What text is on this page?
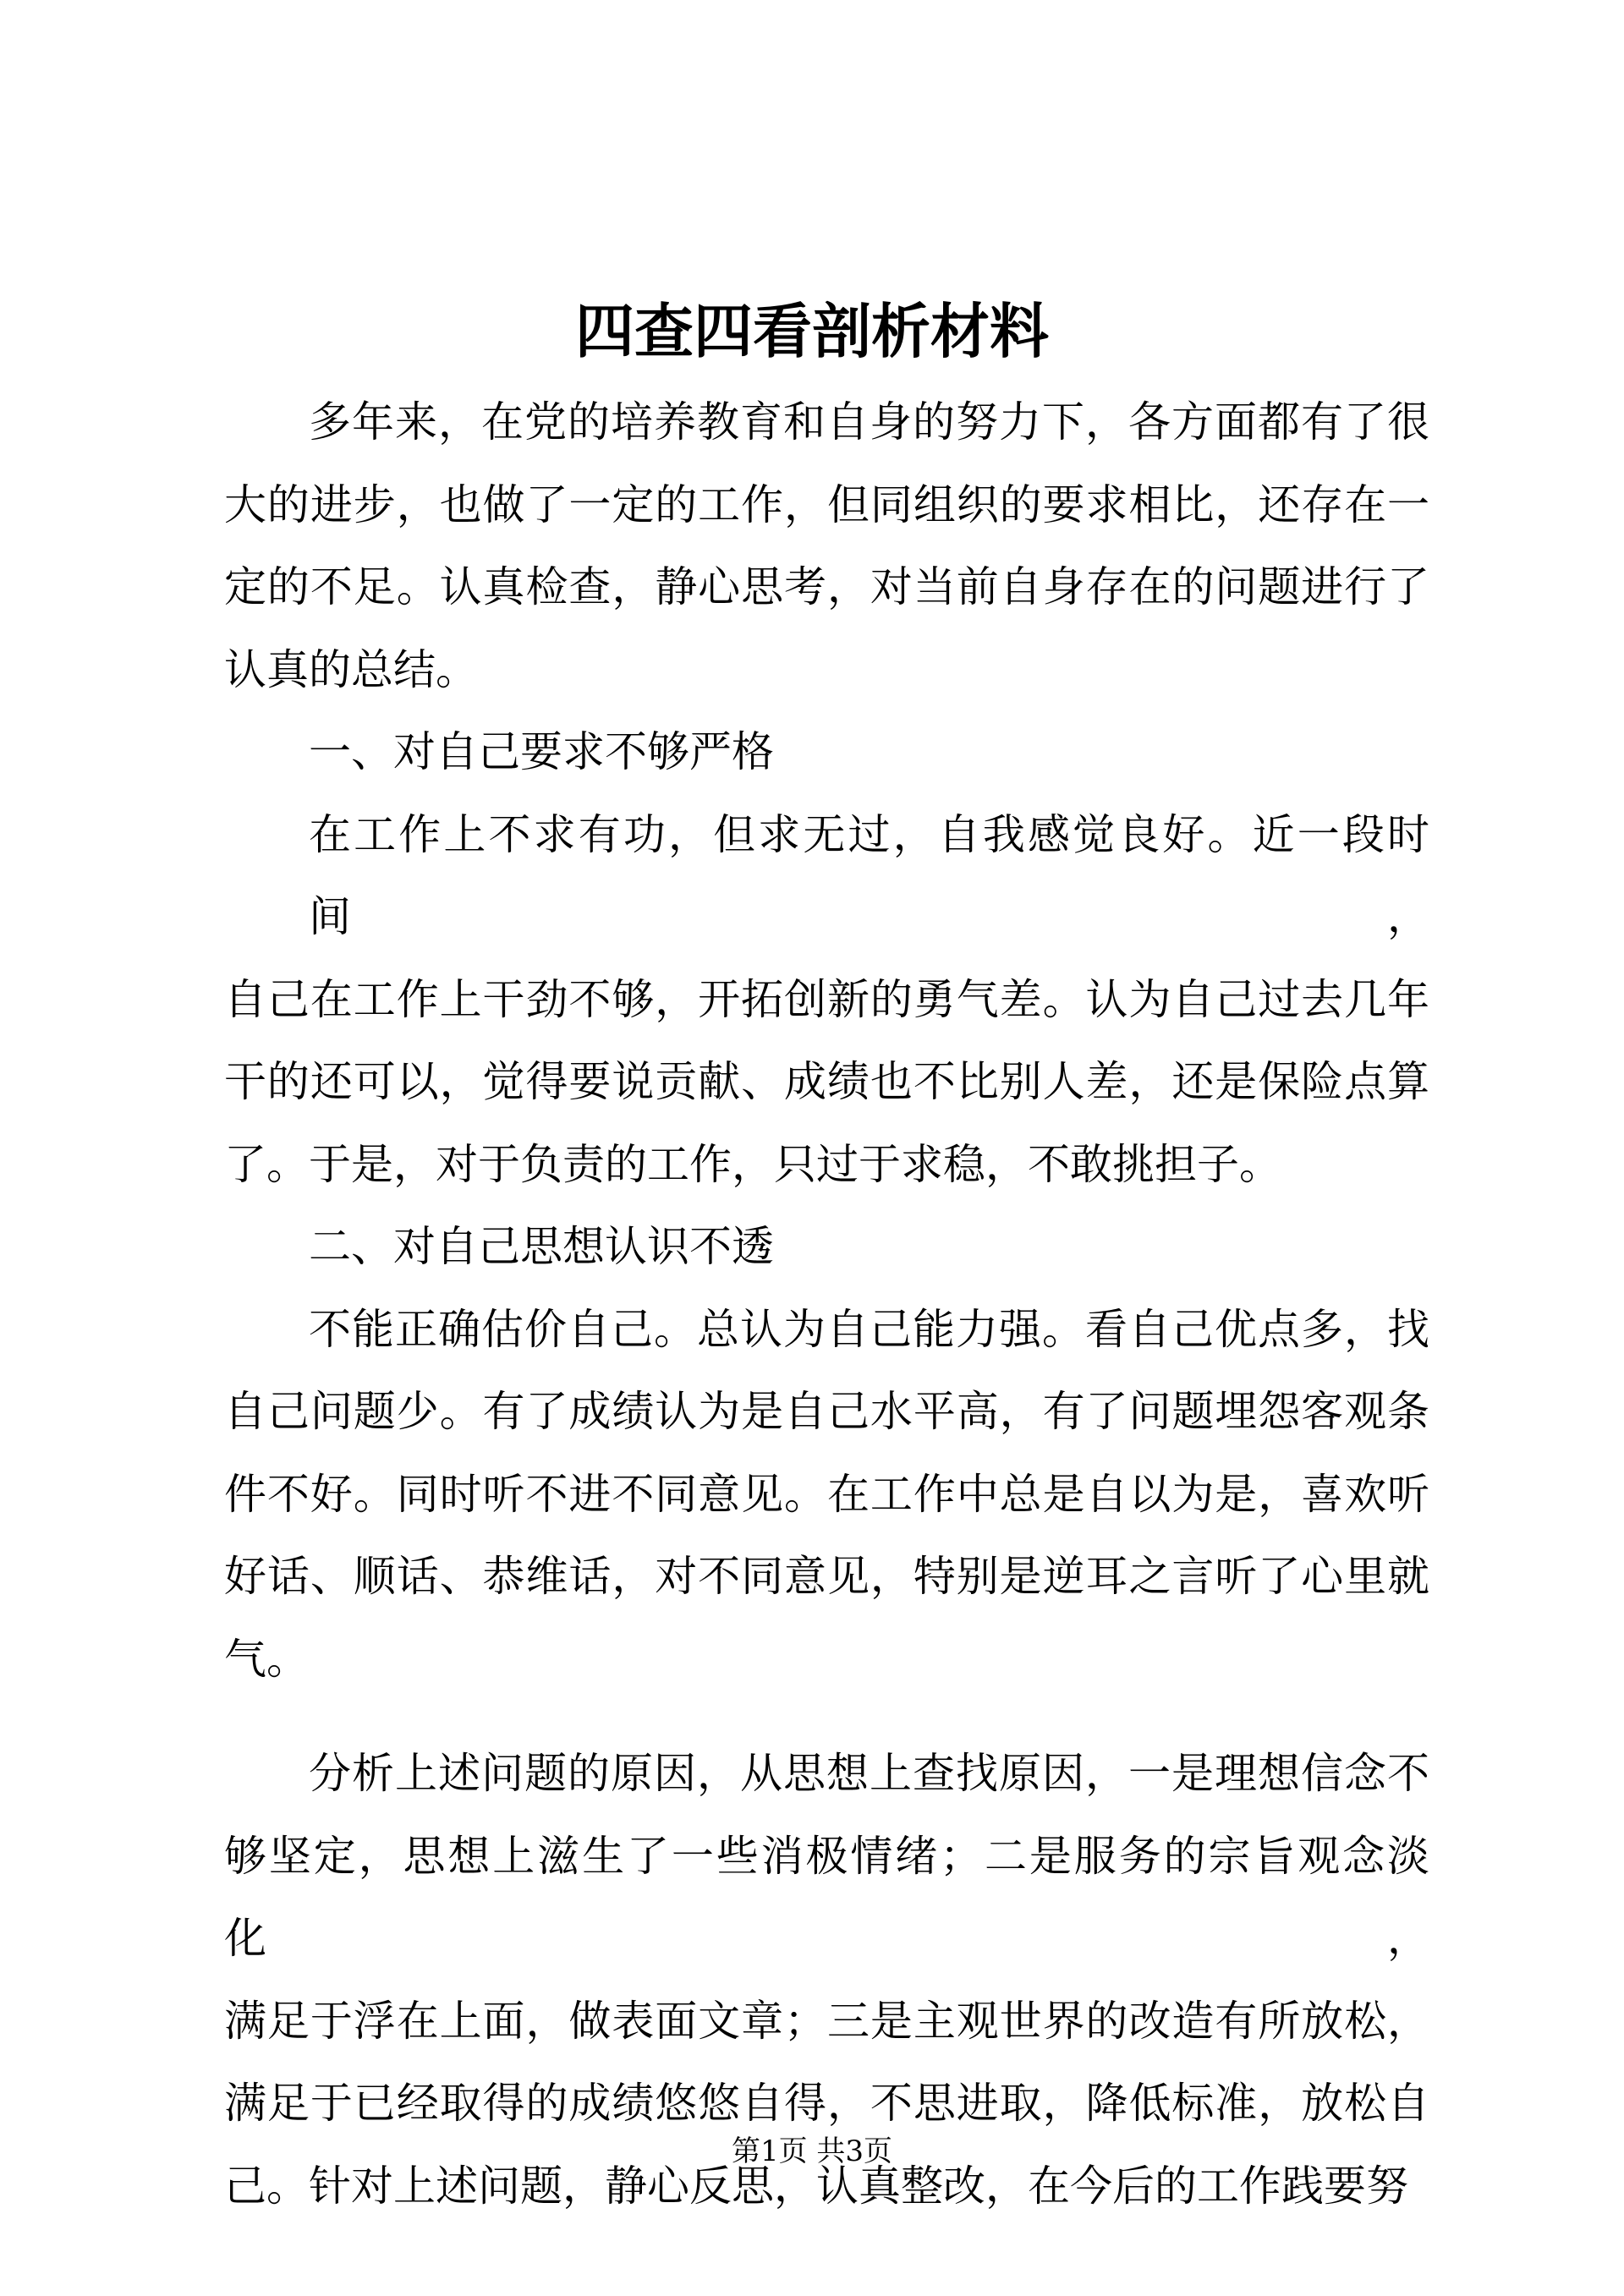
四查四看剖析材料
多年来，在党的培养教育和自身的努力下，各方面都有了很
大的进步，也做了一定的工作，但同组织的要求相比，还存在一
定的不足。认真检查，静心思考，对当前自身存在的问题进行了
认真的总结。
一、对自己要求不够严格
在工作上不求有功，但求无过，自我感觉良好。近一段时间，
自己在工作上干劲不够，开拓创新的勇气差。认为自己过去几年
干的还可以，觉得要说贡献、成绩也不比别人差，还是保险点算
了。于是，对于负责的工作，只过于求稳，不敢挑担子。
二、对自己思想认识不透
不能正确估价自己。总认为自己能力强。看自己优点多，找
自己问题少。有了成绩认为是自己水平高，有了问题埋怨客观条
件不好。同时听不进不同意见。在工作中总是自以为是，喜欢听
好话、顺话、恭维话，对不同意见，特别是逆耳之言听了心里就
气。
分析上述问题的原因，从思想上查找原因，一是理想信念不
够坚定，思想上滋生了一些消极情绪；二是服务的宗旨观念淡化，
满足于浮在上面，做表面文章；三是主观世界的改造有所放松，
满足于已经取得的成绩悠悠自得，不思进取，降低标准，放松自
己。针对上述问题，静心反思，认真整改，在今后的工作践要努
第1页 共3页
